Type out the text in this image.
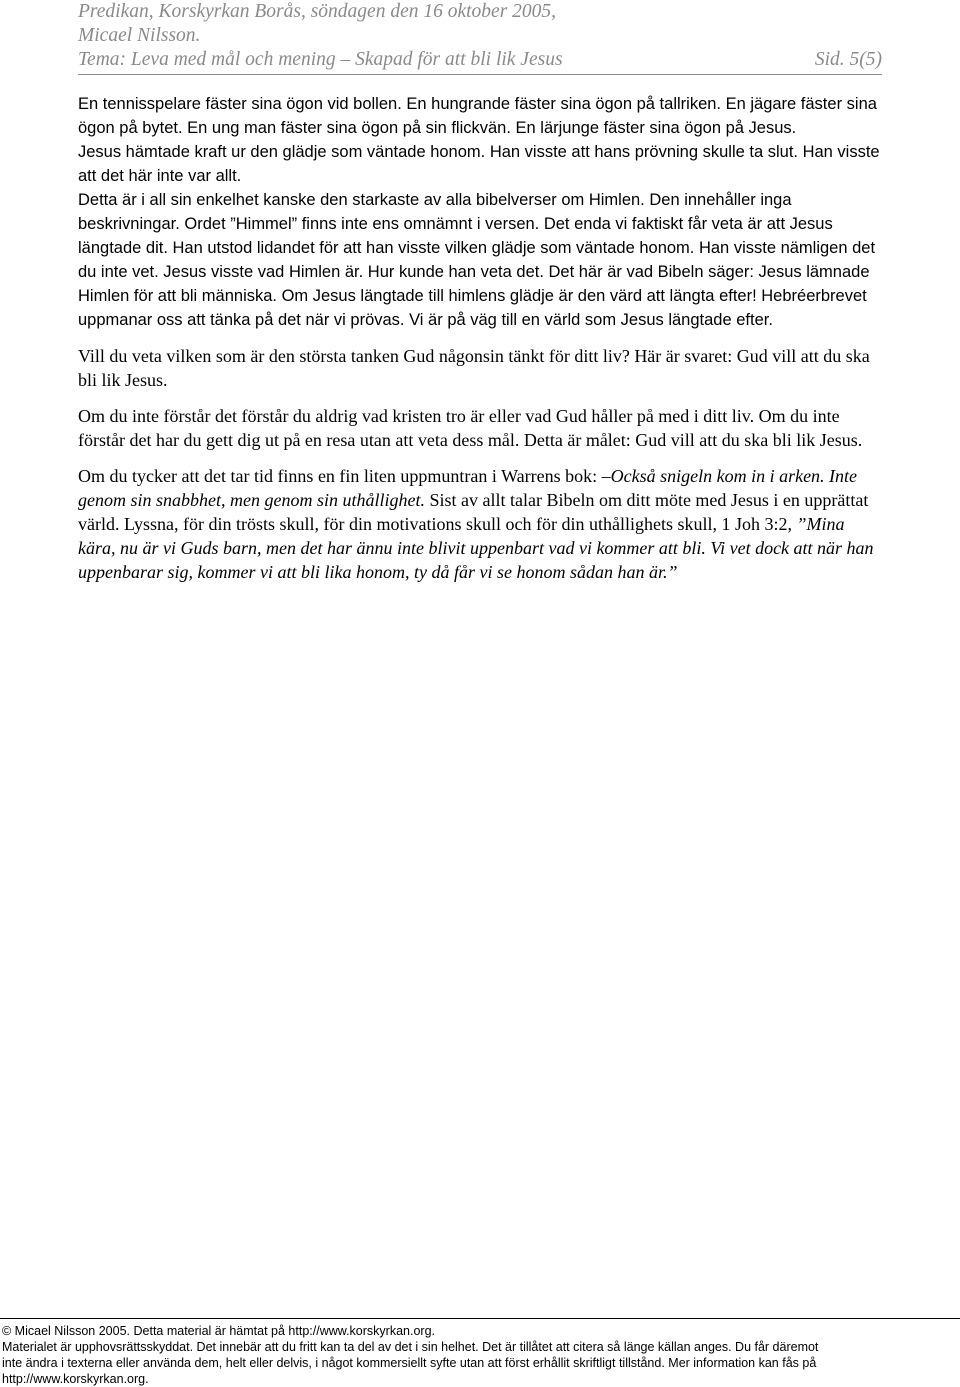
Predikan, Korskyrkan Borås, söndagen den 16 oktober 2005,
Micael Nilsson.
Tema: Leva med mål och mening – Skapad för att bli lik Jesus	Sid. 5(5)

En tennisspelare fäster sina ögon vid bollen. En hungrande fäster sina ögon på tallriken. En jägare fäster sina ögon på bytet. En ung man fäster sina ögon på sin flickvän. En lärjunge fäster sina ögon på Jesus.

Jesus hämtade kraft ur den glädje som väntade honom. Han visste att hans prövning skulle ta slut. Han visste att det här inte var allt.

Detta är i all sin enkelhet kanske den starkaste av alla bibelverser om Himlen. Den innehåller inga beskrivningar. Ordet ”Himmel” finns inte ens omnämnt i versen. Det enda vi faktiskt får veta är att Jesus längtade dit. Han utstod lidandet för att han visste vilken glädje som väntade honom. Han visste nämligen det du inte vet. Jesus visste vad Himlen är. Hur kunde han veta det. Det här är vad Bibeln säger: Jesus lämnade Himlen för att bli människa. Om Jesus längtade till himlens glädje är den värd att längta efter! Hebréerbrevet uppmanar oss att tänka på det när vi prövas. Vi är på väg till en värld som Jesus längtade efter.

Vill du veta vilken som är den största tanken Gud någonsin tänkt för ditt liv? Här är svaret: Gud vill att du ska bli lik Jesus.

Om du inte förstår det förstår du aldrig vad kristen tro är eller vad Gud håller på med i ditt liv. Om du inte förstår det har du gett dig ut på en resa utan att veta dess mål. Detta är målet: Gud vill att du ska bli lik Jesus.

Om du tycker att det tar tid finns en fin liten uppmuntran i Warrens bok: –Också snigeln kom in i arken. Inte genom sin snabbhet, men genom sin uthållighet. Sist av allt talar Bibeln om ditt möte med Jesus i en upprättat värld. Lyssna, för din trösts skull, för din motivations skull och för din uthållighets skull, 1 Joh 3:2, ”Mina kära, nu är vi Guds barn, men det har ännu inte blivit uppenbart vad vi kommer att bli. Vi vet dock att när han uppenbarar sig, kommer vi att bli lika honom, ty då får vi se honom sådan han är.”

© Micael Nilsson 2005. Detta material är hämtat på http://www.korskyrkan.org.
Materialet är upphovsrättsskyddat. Det innebär att du fritt kan ta del av det i sin helhet. Det är tillåtet att citera så länge källan anges. Du får däremot
inte ändra i texterna eller använda dem, helt eller delvis, i något kommersiellt syfte utan att först erhållit skriftligt tillstånd. Mer information kan fås på
http://www.korskyrkan.org.
